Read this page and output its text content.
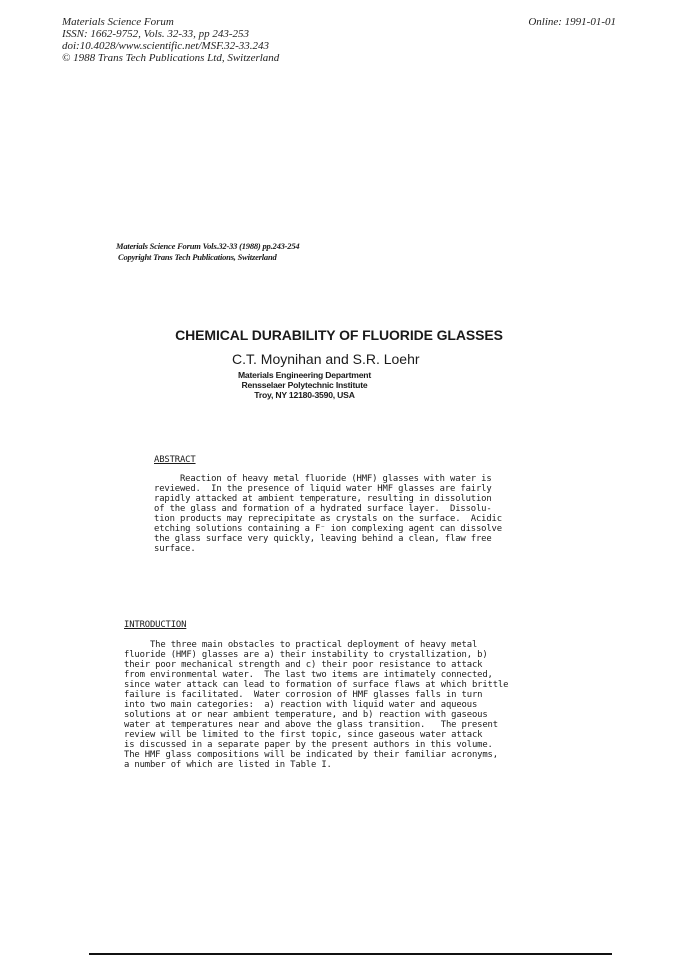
Materials Science Forum
ISSN: 1662-9752, Vols. 32-33, pp 243-253
doi:10.4028/www.scientific.net/MSF.32-33.243
© 1988 Trans Tech Publications Ltd, Switzerland
Online: 1991-01-01
Materials Science Forum Vols.32-33 (1988) pp.243-254
Copyright Trans Tech Publications, Switzerland
CHEMICAL DURABILITY OF FLUORIDE GLASSES
C.T. Moynihan and S.R. Loehr
Materials Engineering Department
Rensselaer Polytechnic Institute
Troy, NY 12180-3590, USA
ABSTRACT
Reaction of heavy metal fluoride (HMF) glasses with water is
reviewed.  In the presence of liquid water HMF glasses are fairly
rapidly attacked at ambient temperature, resulting in dissolution
of the glass and formation of a hydrated surface layer.  Dissolu-
tion products may reprecipitate as crystals on the surface.  Acidic
etching solutions containing a F⁻ ion complexing agent can dissolve
the glass surface very quickly, leaving behind a clean, flaw free
surface.
INTRODUCTION
The three main obstacles to practical deployment of heavy metal
fluoride (HMF) glasses are a) their instability to crystallization, b)
their poor mechanical strength and c) their poor resistance to attack
from environmental water.  The last two items are intimately connected,
since water attack can lead to formation of surface flaws at which brittle
failure is facilitated.  Water corrosion of HMF glasses falls in turn
into two main categories:  a) reaction with liquid water and aqueous
solutions at or near ambient temperature, and b) reaction with gaseous
water at temperatures near and above the glass transition.   The present
review will be limited to the first topic, since gaseous water attack
is discussed in a separate paper by the present authors in this volume.
The HMF glass compositions will be indicated by their familiar acronyms,
a number of which are listed in Table I.
